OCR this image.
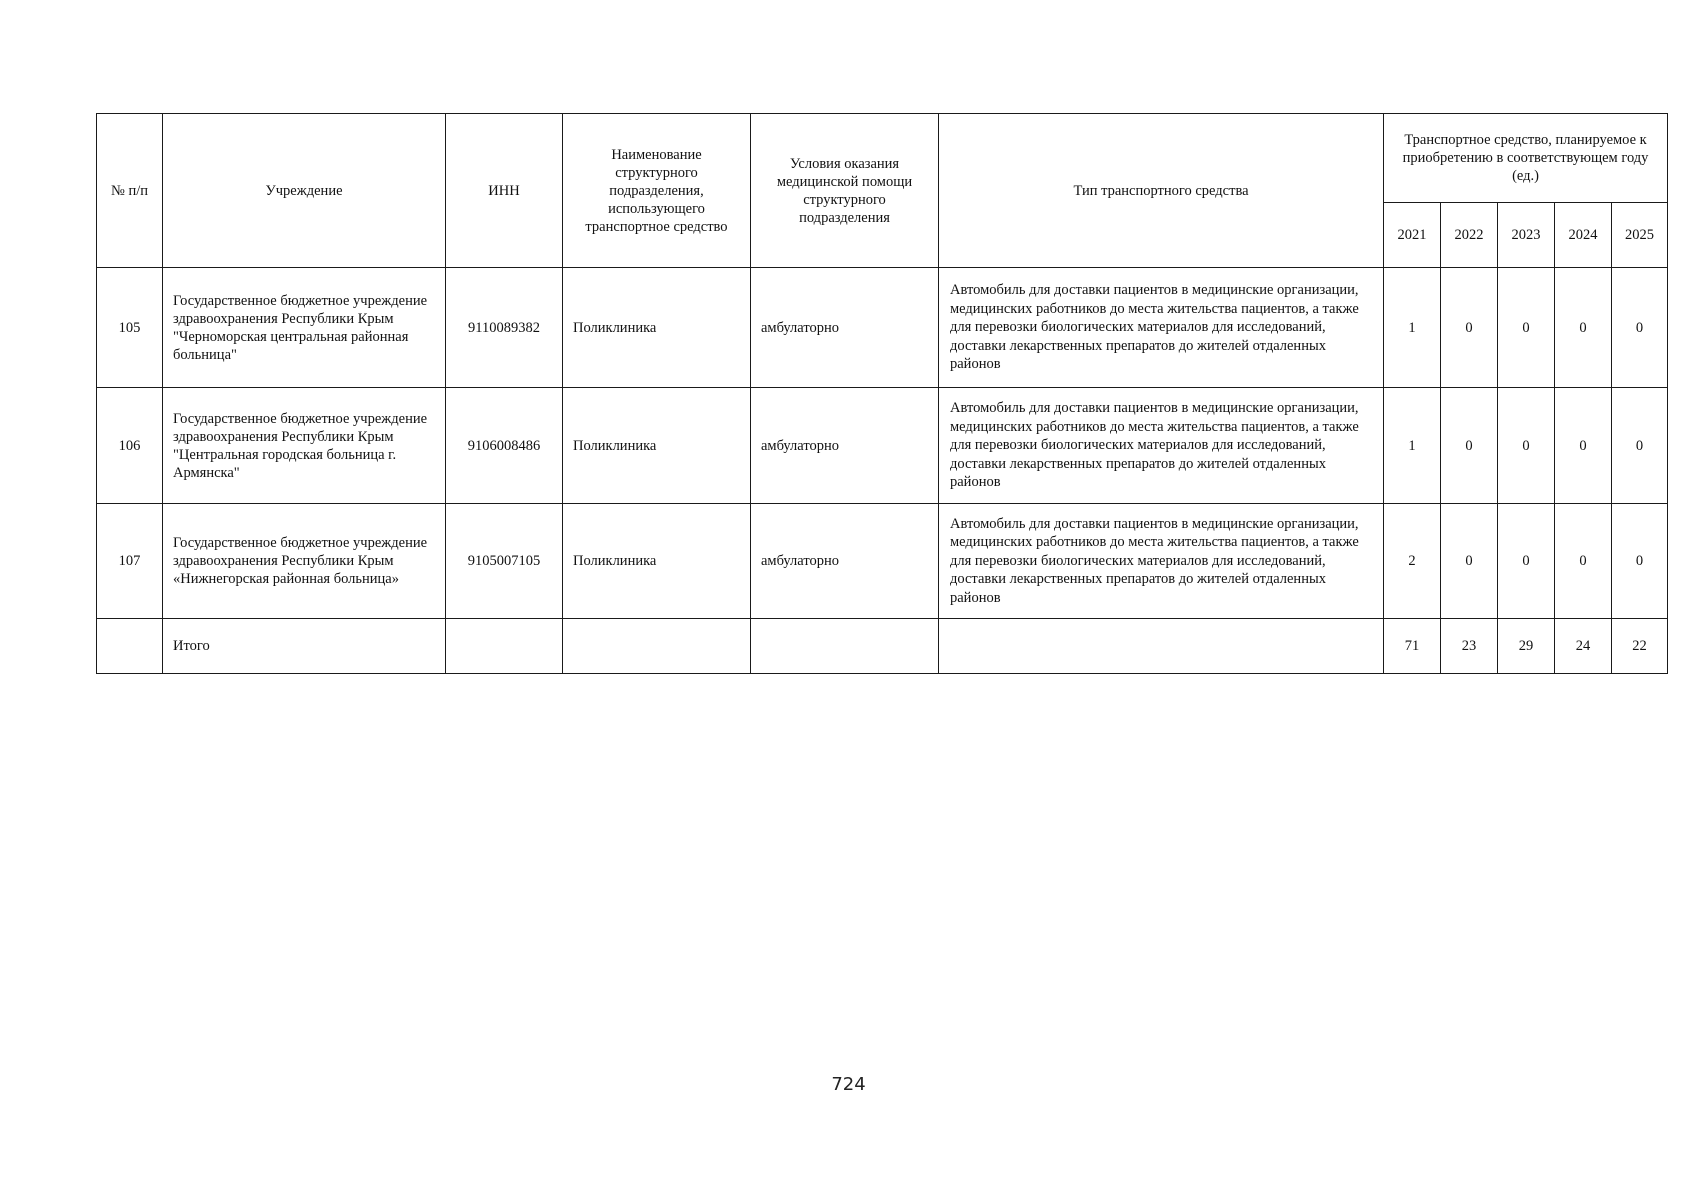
№ п/п	Учреждение	ИНН	Наименование структурного подразделения, использующего транспортное средство	Условия оказания медицинской помощи структурного подразделения	Тип транспортного средства	Транспортное средство, планируемое к приобретению в соответствующем году (ед.)				
						2021	2022	2023	2024	2025
105	Государственное бюджетное учреждение здравоохранения Республики Крым "Черноморская центральная районная больница"	9110089382	Поликлиника	амбулаторно	Автомобиль для доставки пациентов в медицинские организации, медицинских работников до места жительства пациентов, а также для перевозки биологических материалов для исследований, доставки лекарственных препаратов до жителей отдаленных районов	1	0	0	0	0
106	Государственное бюджетное учреждение здравоохранения Республики Крым "Центральная городская больница г. Армянска"	9106008486	Поликлиника	амбулаторно	Автомобиль для доставки пациентов в медицинские организации, медицинских работников до места жительства пациентов, а также для перевозки биологических материалов для исследований, доставки лекарственных препаратов до жителей отдаленных районов	1	0	0	0	0
107	Государственное бюджетное учреждение здравоохранения Республики Крым «Нижнегорская районная больница»	9105007105	Поликлиника	амбулаторно	Автомобиль для доставки пациентов в медицинские организации, медицинских работников до места жительства пациентов, а также для перевозки биологических материалов для исследований, доставки лекарственных препаратов до жителей отдаленных районов	2	0	0	0	0
	Итого					71	23	29	24	22
724
